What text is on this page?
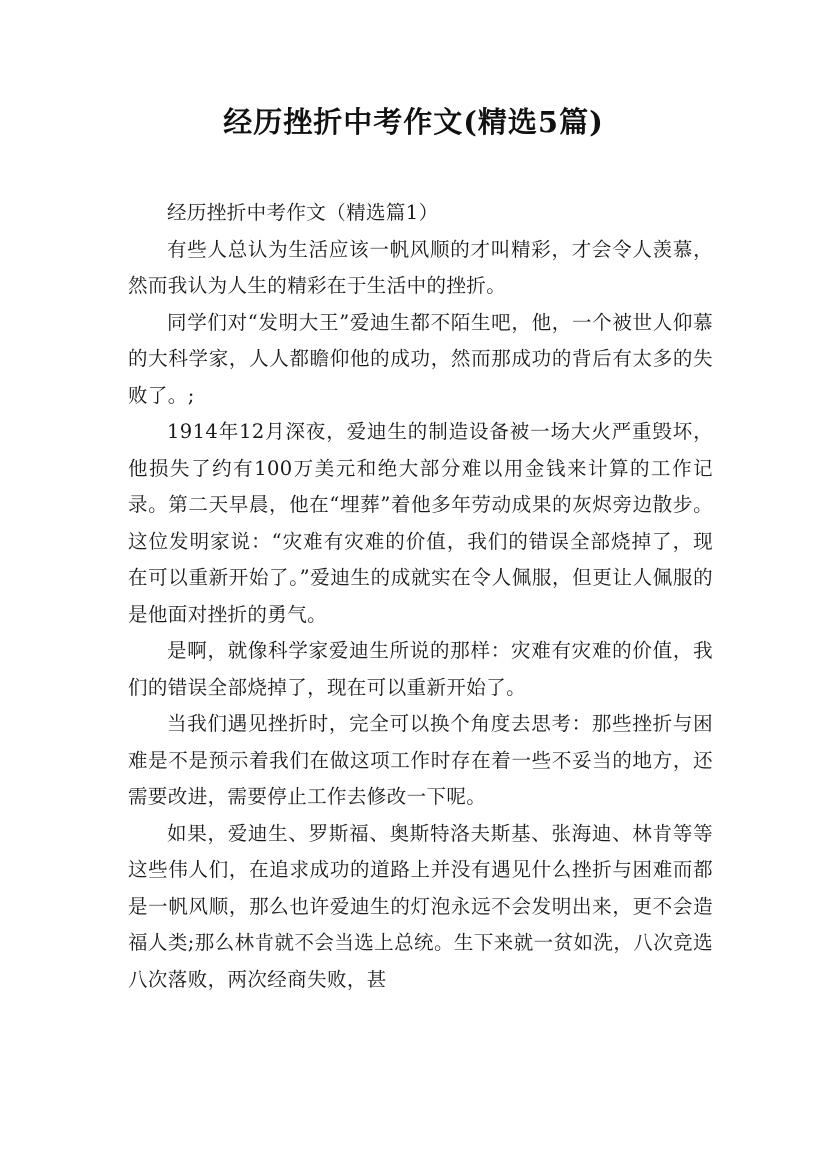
经历挫折中考作文(精选5篇)

经历挫折中考作文（精选篇1）

有些人总认为生活应该一帆风顺的才叫精彩，才会令人羡慕，然而我认为人生的精彩在于生活中的挫折。

同学们对“发明大王”爱迪生都不陌生吧，他，一个被世人仰慕的大科学家，人人都瞻仰他的成功，然而那成功的背后有太多的失败了。;

1914年12月深夜，爱迪生的制造设备被一场大火严重毁坏，他损失了约有100万美元和绝大部分难以用金钱来计算的工作记录。第二天早晨，他在“埋葬”着他多年劳动成果的灰烬旁边散步。这位发明家说：“灾难有灾难的价值，我们的错误全部烧掉了，现在可以重新开始了。”爱迪生的成就实在令人佩服，但更让人佩服的是他面对挫折的勇气。

是啊，就像科学家爱迪生所说的那样：灾难有灾难的价值，我们的错误全部烧掉了，现在可以重新开始了。

当我们遇见挫折时，完全可以换个角度去思考：那些挫折与困难是不是预示着我们在做这项工作时存在着一些不妥当的地方，还需要改进，需要停止工作去修改一下呢。

如果，爱迪生、罗斯福、奥斯特洛夫斯基、张海迪、林肯等等这些伟人们，在追求成功的道路上并没有遇见什么挫折与困难而都是一帆风顺，那么也许爱迪生的灯泡永远不会发明出来，更不会造福人类;那么林肯就不会当选上总统。生下来就一贫如洗，八次竞选八次落败，两次经商失败，甚
